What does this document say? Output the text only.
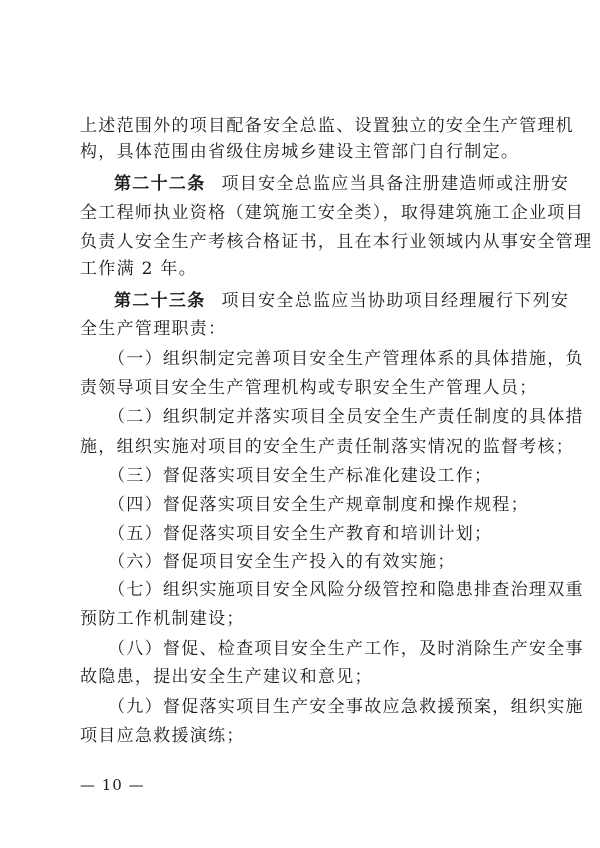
上述范围外的项目配备安全总监、设置独立的安全生产管理机
构，具体范围由省级住房城乡建设主管部门自行制定。
第二十二条 项目安全总监应当具备注册建造师或注册安
全工程师执业资格（建筑施工安全类），取得建筑施工企业项目
负责人安全生产考核合格证书，且在本行业领域内从事安全管理
工作满 2 年。
第二十三条 项目安全总监应当协助项目经理履行下列安
全生产管理职责：
（一）组织制定完善项目安全生产管理体系的具体措施，负
责领导项目安全生产管理机构或专职安全生产管理人员；
（二）组织制定并落实项目全员安全生产责任制度的具体措
施，组织实施对项目的安全生产责任制落实情况的监督考核；
（三）督促落实项目安全生产标准化建设工作；
（四）督促落实项目安全生产规章制度和操作规程；
（五）督促落实项目安全生产教育和培训计划；
（六）督促项目安全生产投入的有效实施；
（七）组织实施项目安全风险分级管控和隐患排查治理双重
预防工作机制建设；
（八）督促、检查项目安全生产工作，及时消除生产安全事
故隐患，提出安全生产建议和意见；
（九）督促落实项目生产安全事故应急救援预案，组织实施
项目应急救援演练；
— 10 —
